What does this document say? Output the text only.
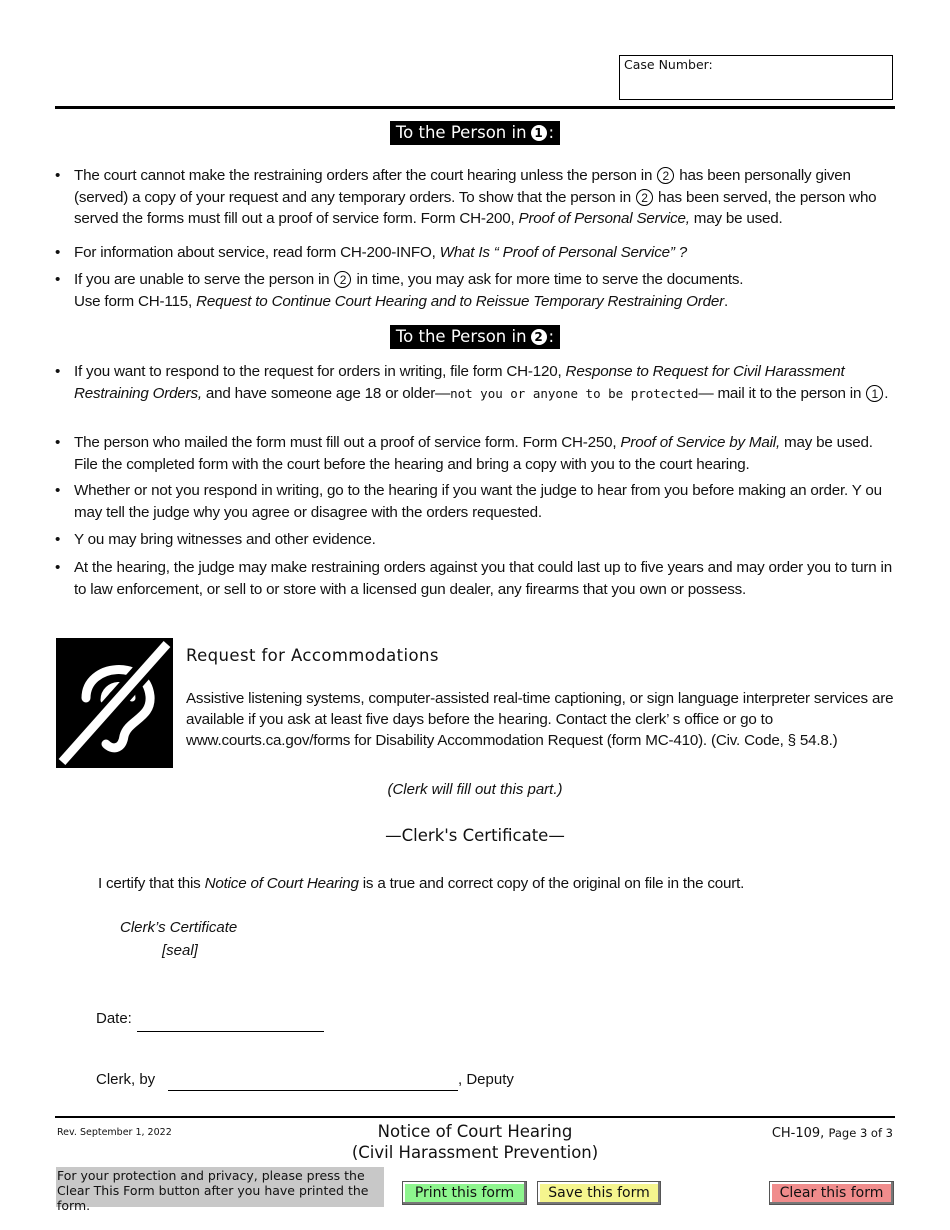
Case Number:
To the Person in 1 :
• The court cannot make the restraining orders after the court hearing unless the person in 2 has been personally given (served) a copy of your request and any temporary orders. To show that the person in 2 has been served, the person who served the forms must fill out a proof of service form. Form CH-200, Proof of Personal Service, may be used.
• For information about service, read form CH-200-INFO, What Is “ Proof of Personal Service” ?
• If you are unable to serve the person in 2 in time, you may ask for more time to serve the documents.
Use form CH-115, Request to Continue Court Hearing and to Reissue Temporary Restraining Order.
To the Person in 2 :
• If you want to respond to the request for orders in writing, file form CH-120, Response to Request for Civil Harassment Restraining Orders, and have someone age 18 or older—not you or anyone to be protected— mail it to the person in 1 .
• The person who mailed the form must fill out a proof of service form. Form CH-250, Proof of Service by Mail, may be used. File the completed form with the court before the hearing and bring a copy with you to the court hearing.
• Whether or not you respond in writing, go to the hearing if you want the judge to hear from you before making an order. Y ou may tell the judge why you agree or disagree with the orders requested.
• Y ou may bring witnesses and other evidence.
• At the hearing, the judge may make restraining orders against you that could last up to five years and may order you to turn in to law enforcement, or sell to or store with a licensed gun dealer, any firearms that you own or possess.
Request for Accommodations
Assistive listening systems, computer-assisted real-time captioning, or sign language interpreter services are available if you ask at least five days before the hearing. Contact the clerk’ s office or go to www.courts.ca.gov/forms for Disability Accommodation Request (form MC-410). (Civ. Code, § 54.8.)
(Clerk will fill out this part.)
—Clerk's Certificate—
I certify that this Notice of Court Hearing is a true and correct copy of the original on file in the court.
Clerk’s Certificate
[seal]
Date:
Clerk, by	, Deputy
Rev. September 1, 2022	Notice of Court Hearing
(Civil Harassment Prevention)
CH-109, Page 3 of 3
For your protection and privacy, please press the Clear This Form button after you have printed the form.
Print this form	Save this form	Clear this form
